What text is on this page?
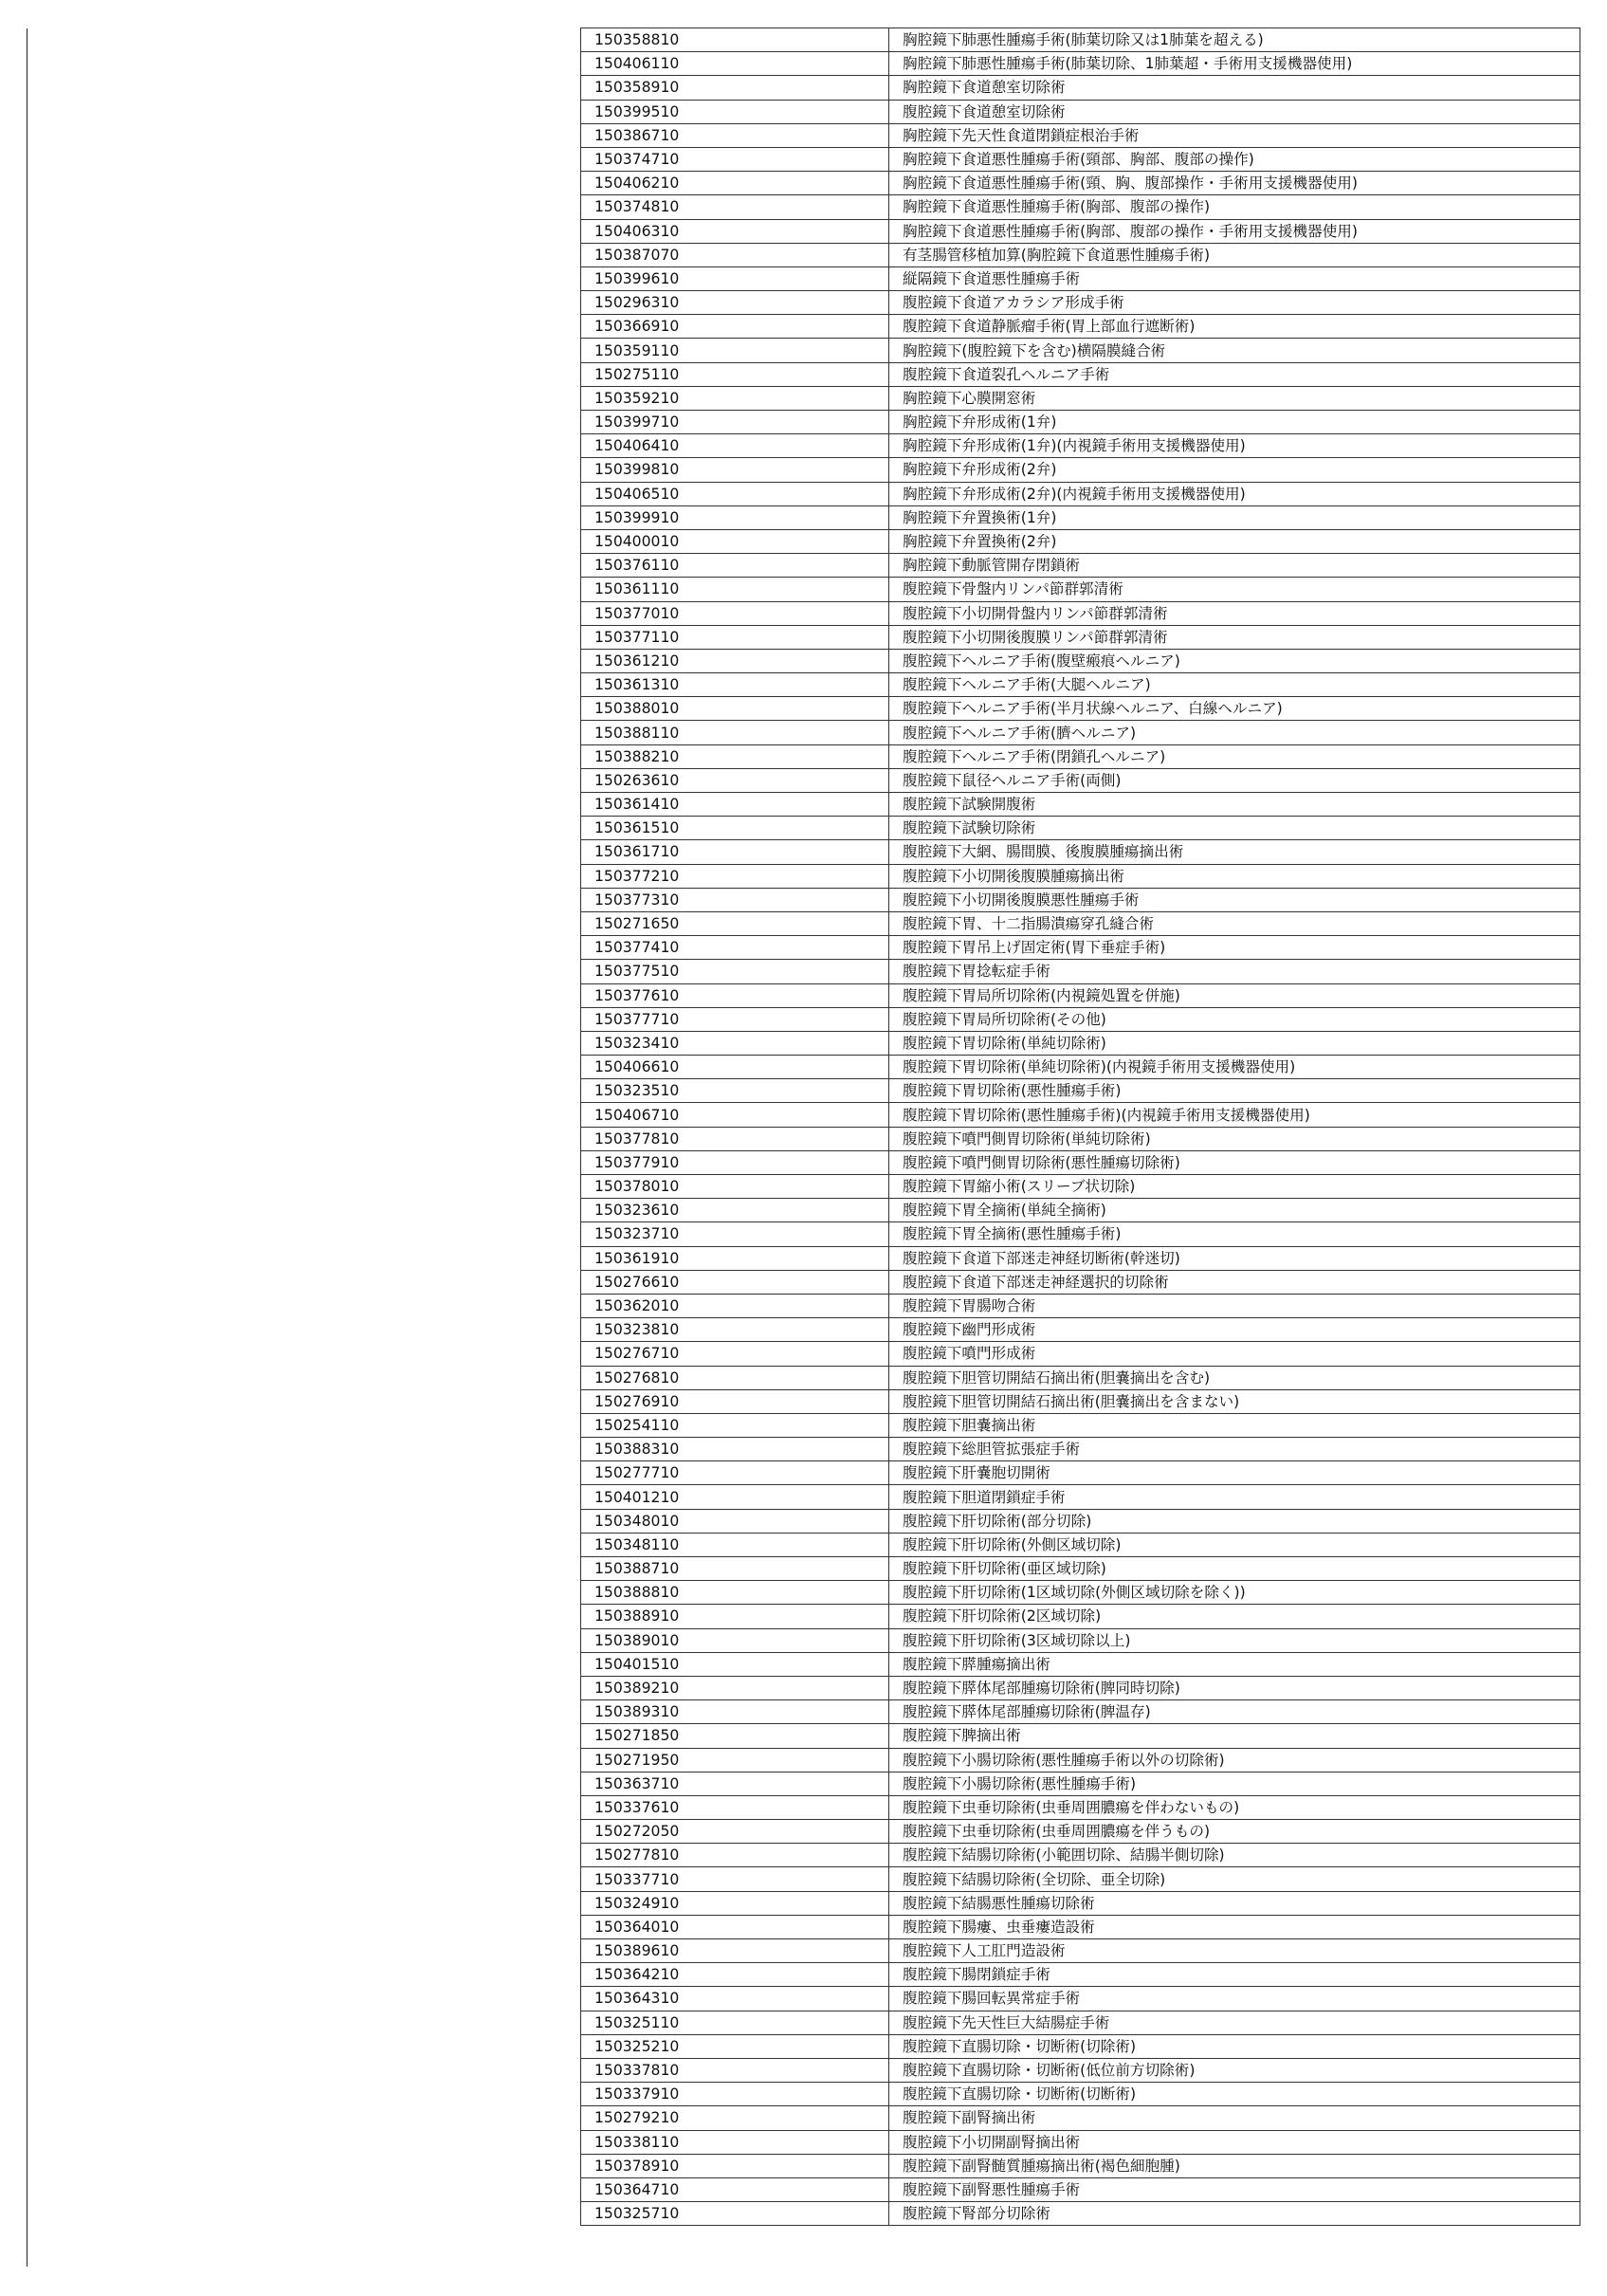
150358810	胸腔鏡下肺悪性腫瘍手術(肺葉切除又は1肺葉を超える)
150406110	胸腔鏡下肺悪性腫瘍手術(肺葉切除、1肺葉超・手術用支援機器使用)
150358910	胸腔鏡下食道憩室切除術
150399510	腹腔鏡下食道憩室切除術
150386710	胸腔鏡下先天性食道閉鎖症根治手術
150374710	胸腔鏡下食道悪性腫瘍手術(頸部、胸部、腹部の操作)
150406210	胸腔鏡下食道悪性腫瘍手術(頸、胸、腹部操作・手術用支援機器使用)
150374810	胸腔鏡下食道悪性腫瘍手術(胸部、腹部の操作)
150406310	胸腔鏡下食道悪性腫瘍手術(胸部、腹部の操作・手術用支援機器使用)
150387070	有茎腸管移植加算(胸腔鏡下食道悪性腫瘍手術)
150399610	縦隔鏡下食道悪性腫瘍手術
150296310	腹腔鏡下食道アカラシア形成手術
150366910	腹腔鏡下食道静脈瘤手術(胃上部血行遮断術)
150359110	胸腔鏡下(腹腔鏡下を含む)横隔膜縫合術
150275110	腹腔鏡下食道裂孔ヘルニア手術
150359210	胸腔鏡下心膜開窓術
150399710	胸腔鏡下弁形成術(1弁)
150406410	胸腔鏡下弁形成術(1弁)(内視鏡手術用支援機器使用)
150399810	胸腔鏡下弁形成術(2弁)
150406510	胸腔鏡下弁形成術(2弁)(内視鏡手術用支援機器使用)
150399910	胸腔鏡下弁置換術(1弁)
150400010	胸腔鏡下弁置換術(2弁)
150376110	胸腔鏡下動脈管開存閉鎖術
150361110	腹腔鏡下骨盤内リンパ節群郭清術
150377010	腹腔鏡下小切開骨盤内リンパ節群郭清術
150377110	腹腔鏡下小切開後腹膜リンパ節群郭清術
150361210	腹腔鏡下ヘルニア手術(腹壁瘢痕ヘルニア)
150361310	腹腔鏡下ヘルニア手術(大腿ヘルニア)
150388010	腹腔鏡下ヘルニア手術(半月状線ヘルニア、白線ヘルニア)
150388110	腹腔鏡下ヘルニア手術(臍ヘルニア)
150388210	腹腔鏡下ヘルニア手術(閉鎖孔ヘルニア)
150263610	腹腔鏡下鼠径ヘルニア手術(両側)
150361410	腹腔鏡下試験開腹術
150361510	腹腔鏡下試験切除術
150361710	腹腔鏡下大網、腸間膜、後腹膜腫瘍摘出術
150377210	腹腔鏡下小切開後腹膜腫瘍摘出術
150377310	腹腔鏡下小切開後腹膜悪性腫瘍手術
150271650	腹腔鏡下胃、十二指腸潰瘍穿孔縫合術
150377410	腹腔鏡下胃吊上げ固定術(胃下垂症手術)
150377510	腹腔鏡下胃捻転症手術
150377610	腹腔鏡下胃局所切除術(内視鏡処置を併施)
150377710	腹腔鏡下胃局所切除術(その他)
150323410	腹腔鏡下胃切除術(単純切除術)
150406610	腹腔鏡下胃切除術(単純切除術)(内視鏡手術用支援機器使用)
150323510	腹腔鏡下胃切除術(悪性腫瘍手術)
150406710	腹腔鏡下胃切除術(悪性腫瘍手術)(内視鏡手術用支援機器使用)
150377810	腹腔鏡下噴門側胃切除術(単純切除術)
150377910	腹腔鏡下噴門側胃切除術(悪性腫瘍切除術)
150378010	腹腔鏡下胃縮小術(スリーブ状切除)
150323610	腹腔鏡下胃全摘術(単純全摘術)
150323710	腹腔鏡下胃全摘術(悪性腫瘍手術)
150361910	腹腔鏡下食道下部迷走神経切断術(幹迷切)
150276610	腹腔鏡下食道下部迷走神経選択的切除術
150362010	腹腔鏡下胃腸吻合術
150323810	腹腔鏡下幽門形成術
150276710	腹腔鏡下噴門形成術
150276810	腹腔鏡下胆管切開結石摘出術(胆嚢摘出を含む)
150276910	腹腔鏡下胆管切開結石摘出術(胆嚢摘出を含まない)
150254110	腹腔鏡下胆嚢摘出術
150388310	腹腔鏡下総胆管拡張症手術
150277710	腹腔鏡下肝嚢胞切開術
150401210	腹腔鏡下胆道閉鎖症手術
150348010	腹腔鏡下肝切除術(部分切除)
150348110	腹腔鏡下肝切除術(外側区域切除)
150388710	腹腔鏡下肝切除術(亜区域切除)
150388810	腹腔鏡下肝切除術(1区域切除(外側区域切除を除く))
150388910	腹腔鏡下肝切除術(2区域切除)
150389010	腹腔鏡下肝切除術(3区域切除以上)
150401510	腹腔鏡下膵腫瘍摘出術
150389210	腹腔鏡下膵体尾部腫瘍切除術(脾同時切除)
150389310	腹腔鏡下膵体尾部腫瘍切除術(脾温存)
150271850	腹腔鏡下脾摘出術
150271950	腹腔鏡下小腸切除術(悪性腫瘍手術以外の切除術)
150363710	腹腔鏡下小腸切除術(悪性腫瘍手術)
150337610	腹腔鏡下虫垂切除術(虫垂周囲膿瘍を伴わないもの)
150272050	腹腔鏡下虫垂切除術(虫垂周囲膿瘍を伴うもの)
150277810	腹腔鏡下結腸切除術(小範囲切除、結腸半側切除)
150337710	腹腔鏡下結腸切除術(全切除、亜全切除)
150324910	腹腔鏡下結腸悪性腫瘍切除術
150364010	腹腔鏡下腸瘻、虫垂瘻造設術
150389610	腹腔鏡下人工肛門造設術
150364210	腹腔鏡下腸閉鎖症手術
150364310	腹腔鏡下腸回転異常症手術
150325110	腹腔鏡下先天性巨大結腸症手術
150325210	腹腔鏡下直腸切除・切断術(切除術)
150337810	腹腔鏡下直腸切除・切断術(低位前方切除術)
150337910	腹腔鏡下直腸切除・切断術(切断術)
150279210	腹腔鏡下副腎摘出術
150338110	腹腔鏡下小切開副腎摘出術
150378910	腹腔鏡下副腎髄質腫瘍摘出術(褐色細胞腫)
150364710	腹腔鏡下副腎悪性腫瘍手術
150325710	腹腔鏡下腎部分切除術
